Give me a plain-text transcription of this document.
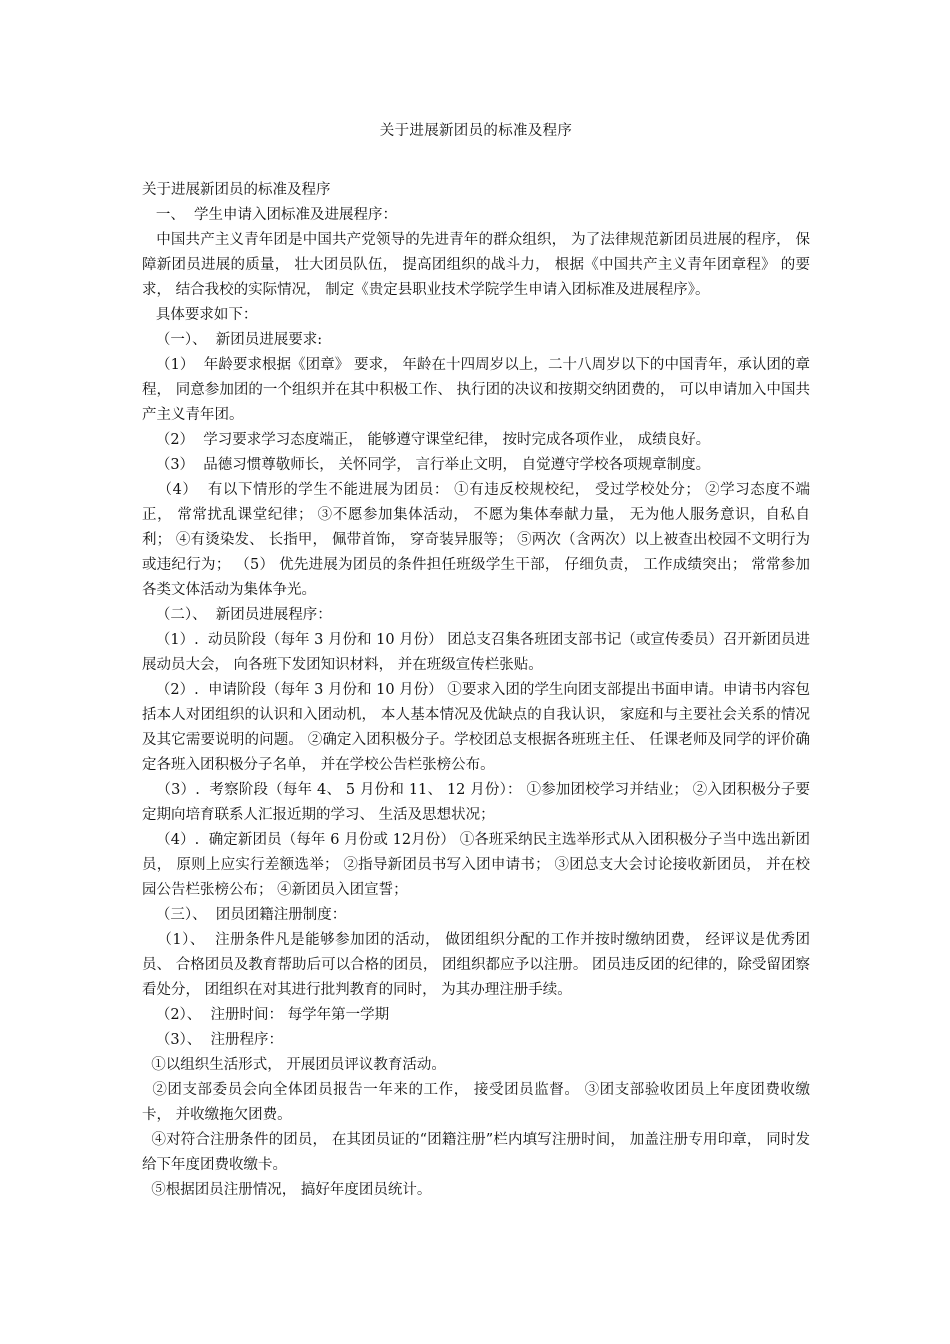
关于进展新团员的标准及程序

关于进展新团员的标准及程序

一、  学生申请入团标准及进展程序：

中国共产主义青年团是中国共产党领导的先进青年的群众组织， 为了法律规范新团员进展的程序， 保障新团员进展的质量， 壮大团员队伍， 提高团组织的战斗力， 根据《中国共产主义青年团章程》 的要求， 结合我校的实际情况， 制定《贵定县职业技术学院学生申请入团标准及进展程序》。

具体要求如下：

（一）、  新团员进展要求:

（1）  年龄要求根据《团章》 要求， 年龄在十四周岁以上，二十八周岁以下的中国青年，承认团的章程， 同意参加团的一个组织并在其中积极工作、 执行团的决议和按期交纳团费的， 可以申请加入中国共产主义青年团。

（2）  学习要求学习态度端正， 能够遵守课堂纪律， 按时完成各项作业， 成绩良好。

（3）  品德习惯尊敬师长， 关怀同学， 言行举止文明， 自觉遵守学校各项规章制度。

（4）  有以下情形的学生不能进展为团员： ①有违反校规校纪， 受过学校处分； ②学习态度不端正， 常常扰乱课堂纪律； ③不愿参加集体活动， 不愿为集体奉献力量， 无为他人服务意识，自私自利； ④有烫染发、 长指甲， 佩带首饰， 穿奇装异服等； ⑤两次（含两次）以上被查出校园不文明行为或违纪行为； （5） 优先进展为团员的条件担任班级学生干部， 仔细负责， 工作成绩突出； 常常参加各类文体活动为集体争光。

（二）、  新团员进展程序：

（1）.  动员阶段（每年 3 月份和 10 月份） 团总支召集各班团支部书记（或宣传委员）召开新团员进展动员大会， 向各班下发团知识材料， 并在班级宣传栏张贴。

（2）.  申请阶段（每年 3 月份和 10 月份） ①要求入团的学生向团支部提出书面申请。申请书内容包括本人对团组织的认识和入团动机， 本人基本情况及优缺点的自我认识， 家庭和与主要社会关系的情况及其它需要说明的问题。 ②确定入团积极分子。学校团总支根据各班班主任、 任课老师及同学的评价确定各班入团积极分子名单， 并在学校公告栏张榜公布。

（3）.  考察阶段（每年 4、 5 月份和 11、 12 月份）： ①参加团校学习并结业； ②入团积极分子要定期向培育联系人汇报近期的学习、 生活及思想状况；

（4）.  确定新团员（每年 6 月份或 12月份） ①各班采纳民主选举形式从入团积极分子当中选出新团员， 原则上应实行差额选举； ②指导新团员书写入团申请书； ③团总支大会讨论接收新团员， 并在校园公告栏张榜公布； ④新团员入团宣誓；

（三）、  团员团籍注册制度：

（1）、  注册条件凡是能够参加团的活动， 做团组织分配的工作并按时缴纳团费， 经评议是优秀团员、 合格团员及教育帮助后可以合格的团员， 团组织都应予以注册。 团员违反团的纪律的，除受留团察看处分， 团组织在对其进行批判教育的同时， 为其办理注册手续。

（2）、  注册时间： 每学年第一学期

（3）、  注册程序：

①以组织生活形式， 开展团员评议教育活动。

②团支部委员会向全体团员报告一年来的工作， 接受团员监督。 ③团支部验收团员上年度团费收缴卡， 并收缴拖欠团费。

④对符合注册条件的团员， 在其团员证的“团籍注册”栏内填写注册时间， 加盖注册专用印章， 同时发给下年度团费收缴卡。

⑤根据团员注册情况， 搞好年度团员统计。
